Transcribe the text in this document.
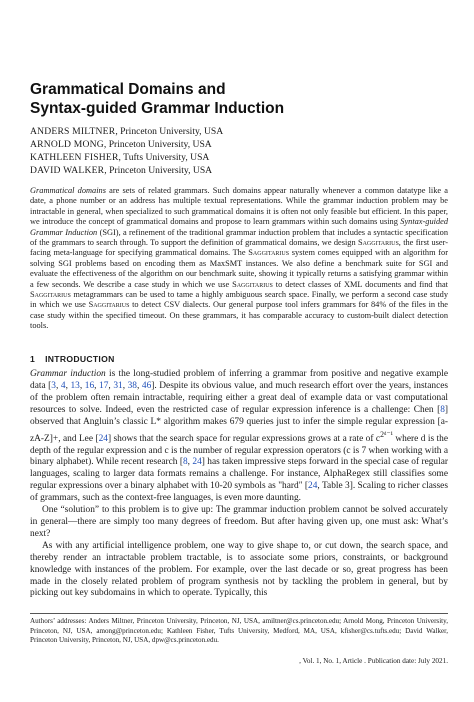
Grammatical Domains and
Syntax-guided Grammar Induction
ANDERS MILTNER, Princeton University, USA
ARNOLD MONG, Princeton University, USA
KATHLEEN FISHER, Tufts University, USA
DAVID WALKER, Princeton University, USA
Grammatical domains are sets of related grammars. Such domains appear naturally whenever a common datatype like a date, a phone number or an address has multiple textual representations. While the grammar induction problem may be intractable in general, when specialized to such grammatical domains it is often not only feasible but efficient. In this paper, we introduce the concept of grammatical domains and propose to learn grammars within such domains using Syntax-guided Grammar Induction (SGI), a refinement of the traditional grammar induction problem that includes a syntactic specification of the grammars to search through. To support the definition of grammatical domains, we design Saggitarius, the first user-facing meta-language for specifying grammatical domains. The Saggitarius system comes equipped with an algorithm for solving SGI problems based on encoding them as MaxSMT instances. We also define a benchmark suite for SGI and evaluate the effectiveness of the algorithm on our benchmark suite, showing it typically returns a satisfying grammar within a few seconds. We describe a case study in which we use Saggitarius to detect classes of XML documents and find that Saggitarius metagrammars can be used to tame a highly ambiguous search space. Finally, we perform a second case study in which we use Saggitarius to detect CSV dialects. Our general purpose tool infers grammars for 84% of the files in the case study within the specified timeout. On these grammars, it has comparable accuracy to custom-built dialect detection tools.
1 INTRODUCTION

Grammar induction is the long-studied problem of inferring a grammar from positive and negative example data [3, 4, 13, 16, 17, 31, 38, 46]. Despite its obvious value, and much research effort over the years, instances of the problem often remain intractable, requiring either a great deal of example data or vast computational resources to solve. Indeed, even the restricted case of regular expression inference is a challenge: Chen [8] observed that Angluin’s classic L* algorithm makes 679 queries just to infer the simple regular expression [a-zA-Z]+, and Lee [24] shows that the search space for regular expressions grows at a rate of $c^{2ᵈ^{-1}}$ where d is the depth of the regular expression and c is the number of regular expression operators (c is 7 when working with a binary alphabet). While recent research [8, 24] has taken impressive steps forward in the special case of regular languages, scaling to larger data formats remains a challenge. For instance, AlphaRegex still classifies some regular expressions over a binary alphabet with 10-20 symbols as "hard" [24, Table 3]. Scaling to richer classes of grammars, such as the context-free languages, is even more daunting.

One “solution” to this problem is to give up: The grammar induction problem cannot be solved accurately in general—there are simply too many degrees of freedom. But after having given up, one must ask: What’s next?

As with any artificial intelligence problem, one way to give shape to, or cut down, the search space, and thereby render an intractable problem tractable, is to associate some priors, constraints, or background knowledge with instances of the problem. For example, over the last decade or so, great progress has been made in the closely related problem of program synthesis not by tackling the problem in general, but by picking out key subdomains in which to operate. Typically, this

Authors’ addresses: Anders Miltner, Princeton University, Princeton, NJ, USA, amiltner@cs.princeton.edu; Arnold Mong, Princeton University, Princeton, NJ, USA, among@princeton.edu; Kathleen Fisher, Tufts University, Medford, MA, USA, kfisher@cs.tufts.edu; David Walker, Princeton University, Princeton, NJ, USA, dpw@cs.princeton.edu.
, Vol. 1, No. 1, Article . Publication date: July 2021.
